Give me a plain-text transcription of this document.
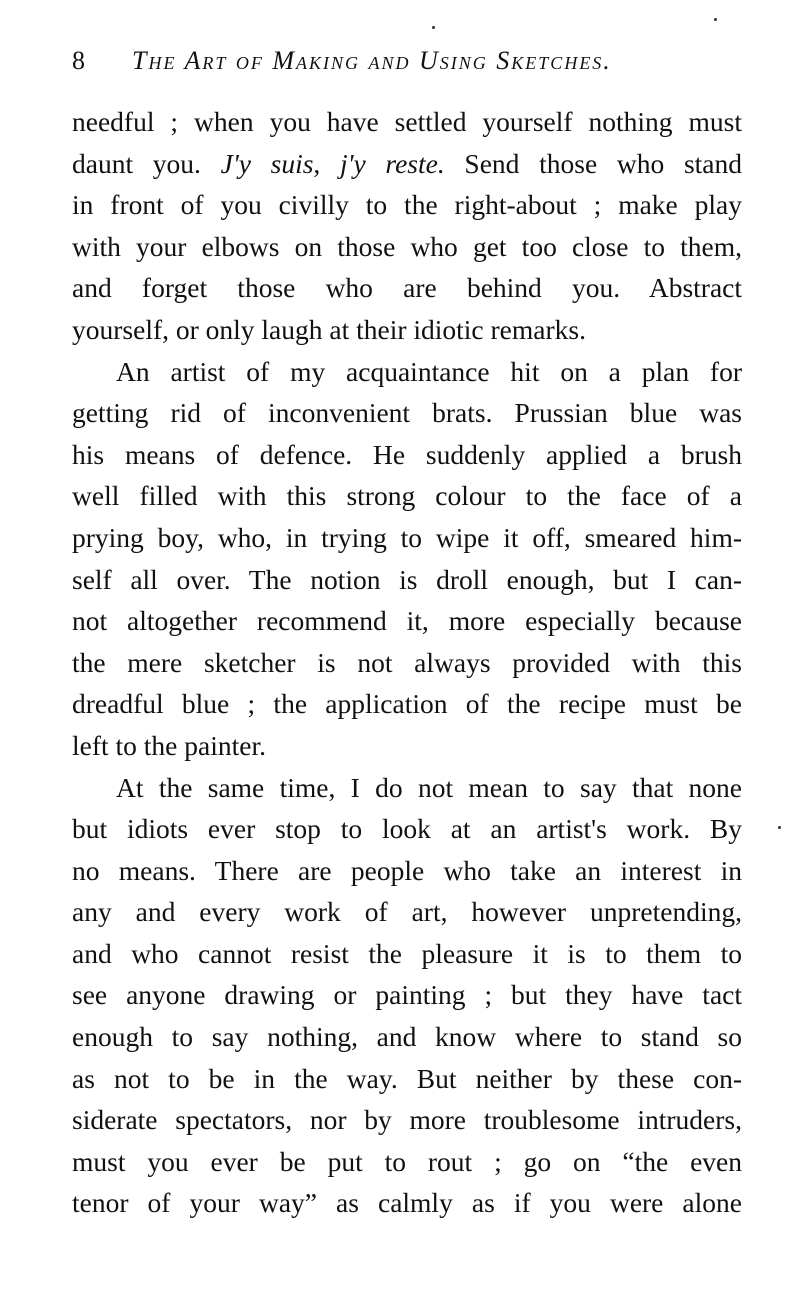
8 The Art of Making and Using Sketches.
needful ; when you have settled yourself nothing must
daunt you. J'y suis, j'y reste. Send those who stand
in front of you civilly to the right-about ; make play
with your elbows on those who get too close to them,
and forget those who are behind you. Abstract
yourself, or only laugh at their idiotic remarks.
An artist of my acquaintance hit on a plan for
getting rid of inconvenient brats. Prussian blue was
his means of defence. He suddenly applied a brush
well filled with this strong colour to the face of a
prying boy, who, in trying to wipe it off, smeared him-
self all over. The notion is droll enough, but I can-
not altogether recommend it, more especially because
the mere sketcher is not always provided with this
dreadful blue ; the application of the recipe must be
left to the painter.
At the same time, I do not mean to say that none
but idiots ever stop to look at an artist's work. By
no means. There are people who take an interest in
any and every work of art, however unpretending,
and who cannot resist the pleasure it is to them to
see anyone drawing or painting ; but they have tact
enough to say nothing, and know where to stand so
as not to be in the way. But neither by these con-
siderate spectators, nor by more troublesome intruders,
must you ever be put to rout ; go on “the even
tenor of your way” as calmly as if you were alone
